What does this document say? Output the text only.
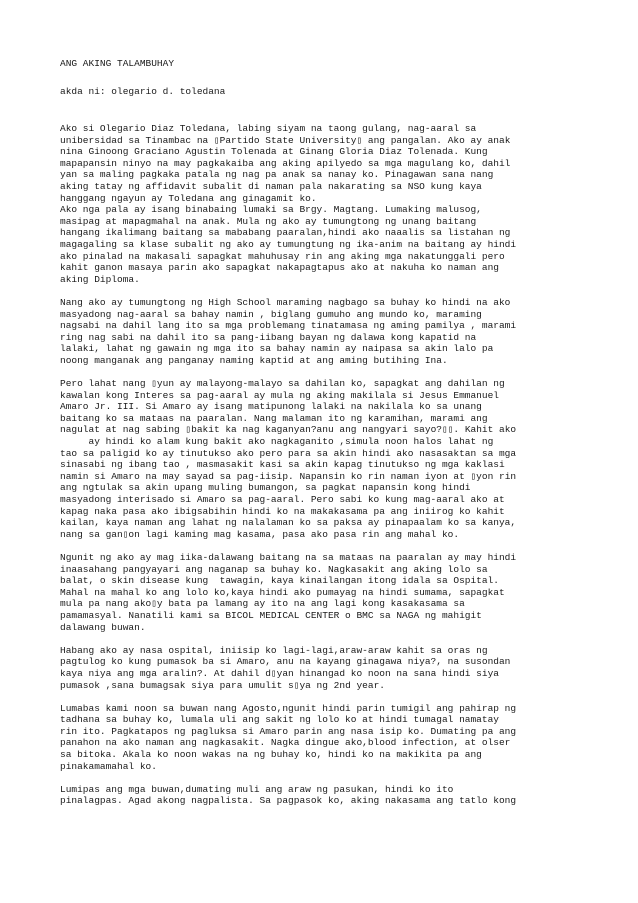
ANG AKING TALAMBUHAY
akda ni: olegario d. toledana
Ako si Olegario Diaz Toledana, labing siyam na taong gulang, nag-aaral sa
unibersidad sa Tinambac na ▯Partido State University▯ ang pangalan. Ako ay anak
nina Ginoong Graciano Agustin Tolenada at Ginang Gloria Diaz Tolenada. Kung
mapapansin ninyo na may pagkakaiba ang aking apilyedo sa mga magulang ko, dahil
yan sa maling pagkaka patala ng nag pa anak sa nanay ko. Pinagawan sana nang
aking tatay ng affidavit subalit di naman pala nakarating sa NSO kung kaya
hanggang ngayun ay Toledana ang ginagamit ko.
Ako nga pala ay isang binabaing lumaki sa Brgy. Magtang. Lumaking malusog,
masipag at mapagmahal na anak. Mula ng ako ay tumungtong ng unang baitang
hangang ikalimang baitang sa mababang paaralan,hindi ako naaalis sa listahan ng
magagaling sa klase subalit ng ako ay tumungtung ng ika-anim na baitang ay hindi
ako pinalad na makasali sapagkat mahuhusay rin ang aking mga nakatunggali pero
kahit ganon masaya parin ako sapagkat nakapagtapus ako at nakuha ko naman ang
aking Diploma.
Nang ako ay tumungtong ng High School maraming nagbago sa buhay ko hindi na ako
masyadong nag-aaral sa bahay namin , biglang gumuho ang mundo ko, maraming
nagsabi na dahil lang ito sa mga problemang tinatamasa ng aming pamilya , marami
ring nag sabi na dahil ito sa pang-iibang bayan ng dalawa kong kapatid na
lalaki, lahat ng gawain ng mga ito sa bahay namin ay naipasa sa akin lalo pa
noong manganak ang panganay naming kaptid at ang aming butihing Ina.
Pero lahat nang ▯yun ay malayong-malayo sa dahilan ko, sapagkat ang dahilan ng
kawalan kong Interes sa pag-aaral ay mula ng aking makilala si Jesus Emmanuel
Amaro Jr. III. Si Amaro ay isang matipunong lalaki na nakilala ko sa unang
baitang ko sa mataas na paaralan. Nang malaman ito ng karamihan, marami ang
nagulat at nag sabing ▯bakit ka nag kaganyan?anu ang nangyari sayo?▯▯. Kahit ako
ay hindi ko alam kung bakit ako nagkaganito ,simula noon halos lahat ng
tao sa paligid ko ay tinutukso ako pero para sa akin hindi ako nasasaktan sa mga
sinasabi ng ibang tao , masmasakit kasi sa akin kapag tinutukso ng mga kaklasi
namin si Amaro na may sayad sa pag-iisip. Napansin ko rin naman iyon at ▯yon rin
ang ngtulak sa akin upang muling bumangon, sa pagkat napansin kong hindi
masyadong interisado si Amaro sa pag-aaral. Pero sabi ko kung mag-aaral ako at
kapag naka pasa ako ibigsabihin hindi ko na makakasama pa ang iniirog ko kahit
kailan, kaya naman ang lahat ng nalalaman ko sa paksa ay pinapaalam ko sa kanya,
nang sa gan▯on lagi kaming mag kasama, pasa ako pasa rin ang mahal ko.
Ngunit ng ako ay mag iika-dalawang baitang na sa mataas na paaralan ay may hindi
inaasahang pangyayari ang naganap sa buhay ko. Nagkasakit ang aking lolo sa
balat, o skin disease kung  tawagin, kaya kinailangan itong idala sa Ospital.
Mahal na mahal ko ang lolo ko,kaya hindi ako pumayag na hindi sumama, sapagkat
mula pa nang ako▯y bata pa lamang ay ito na ang lagi kong kasakasama sa
pamamasyal. Nanatili kami sa BICOL MEDICAL CENTER o BMC sa NAGA ng mahigit
dalawang buwan.
Habang ako ay nasa ospital, iniisip ko lagi-lagi,araw-araw kahit sa oras ng
pagtulog ko kung pumasok ba si Amaro, anu na kayang ginagawa niya?, na susondan
kaya niya ang mga aralin?. At dahil d▯yan hinangad ko noon na sana hindi siya
pumasok ,sana bumagsak siya para umulit s▯ya ng 2nd year.
Lumabas kami noon sa buwan nang Agosto,ngunit hindi parin tumigil ang pahirap ng
tadhana sa buhay ko, lumala uli ang sakit ng lolo ko at hindi tumagal namatay
rin ito. Pagkatapos ng pagluksa si Amaro parin ang nasa isip ko. Dumating pa ang
panahon na ako naman ang nagkasakit. Nagka dingue ako,blood infection, at olser
sa bitoka. Akala ko noon wakas na ng buhay ko, hindi ko na makikita pa ang
pinakamamahal ko.
Lumipas ang mga buwan,dumating muli ang araw ng pasukan, hindi ko ito
pinalagpas. Agad akong nagpalista. Sa pagpasok ko, aking nakasama ang tatlo kong
